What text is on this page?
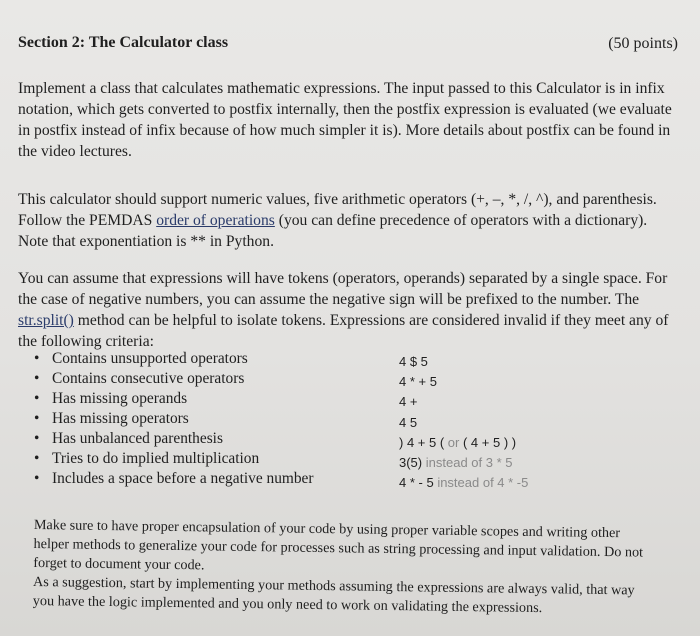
Section 2: The Calculator class	(50 points)
Implement a class that calculates mathematic expressions. The input passed to this Calculator is in infix notation, which gets converted to postfix internally, then the postfix expression is evaluated (we evaluate in postfix instead of infix because of how much simpler it is). More details about postfix can be found in the video lectures.
This calculator should support numeric values, five arithmetic operators (+, –, *, /, ^), and parenthesis. Follow the PEMDAS order of operations (you can define precedence of operators with a dictionary). Note that exponentiation is ** in Python.
You can assume that expressions will have tokens (operators, operands) separated by a single space. For the case of negative numbers, you can assume the negative sign will be prefixed to the number. The str.split() method can be helpful to isolate tokens. Expressions are considered invalid if they meet any of the following criteria:
• Contains unsupported operators
• Contains consecutive operators
• Has missing operands
• Has missing operators
• Has unbalanced parenthesis
• Tries to do implied multiplication
• Includes a space before a negative number
4 $ 5
4 * + 5
4 +
4 5
) 4 + 5 ( or ( 4 + 5 ) )
3(5) instead of 3 * 5
4 * - 5 instead of 4 * -5
Make sure to have proper encapsulation of your code by using proper variable scopes and writing other helper methods to generalize your code for processes such as string processing and input validation. Do not forget to document your code.
As a suggestion, start by implementing your methods assuming the expressions are always valid, that way you have the logic implemented and you only need to work on validating the expressions.
